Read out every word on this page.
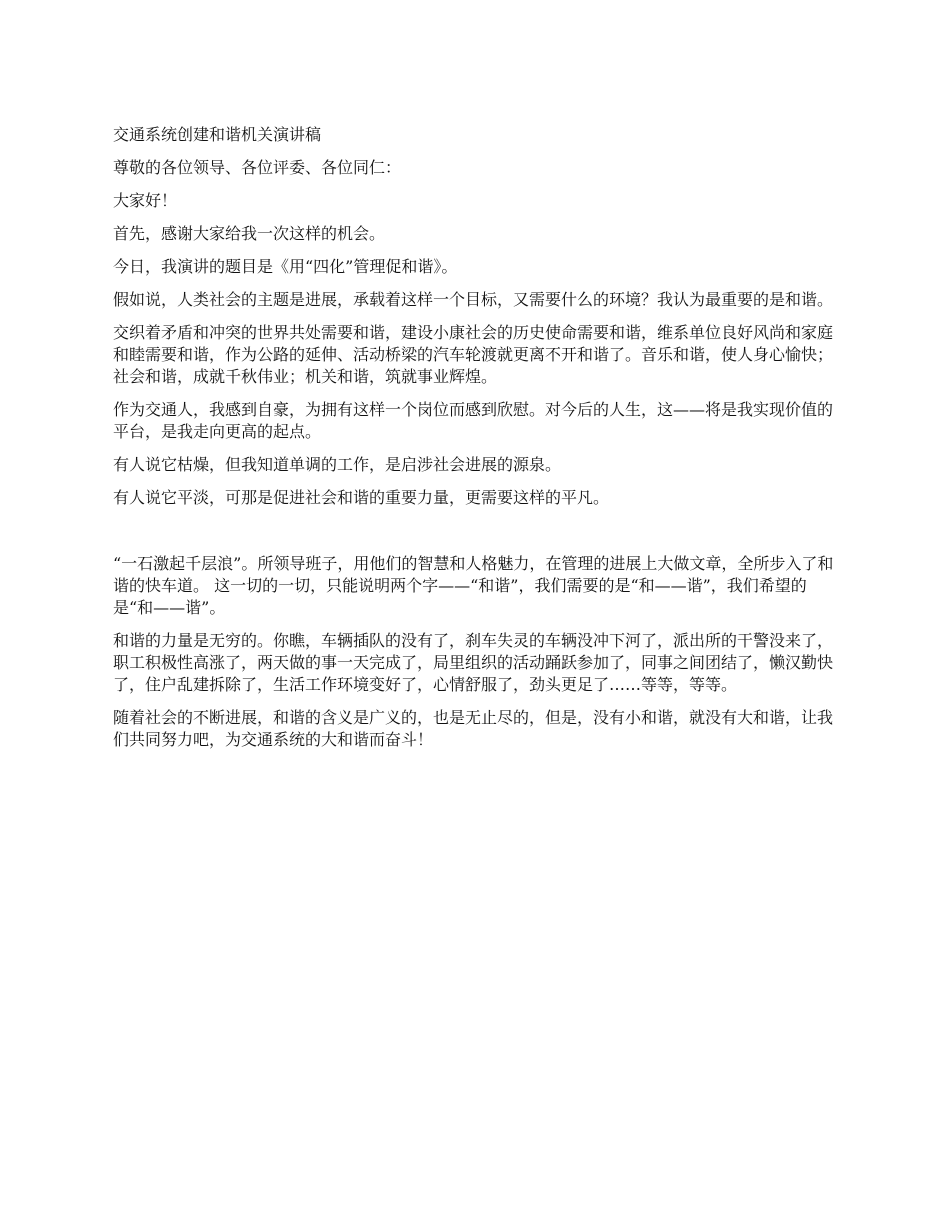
交通系统创建和谐机关演讲稿

尊敬的各位领导、各位评委、各位同仁：

大家好！

首先，感谢大家给我一次这样的机会。

今日，我演讲的题目是《用“四化”管理促和谐》。

假如说，人类社会的主题是进展，承载着这样一个目标，又需要什么的环境？我认为最重要的是和谐。

交织着矛盾和冲突的世界共处需要和谐，建设小康社会的历史使命需要和谐，维系单位良好风尚和家庭和睦需要和谐，作为公路的延伸、活动桥梁的汽车轮渡就更离不开和谐了。音乐和谐，使人身心愉快；社会和谐，成就千秋伟业；机关和谐，筑就事业辉煌。

作为交通人，我感到自豪，为拥有这样一个岗位而感到欣慰。对今后的人生，这——将是我实现价值的平台，是我走向更高的起点。

有人说它枯燥，但我知道单调的工作，是启涉社会进展的源泉。

有人说它平淡，可那是促进社会和谐的重要力量，更需要这样的平凡。

“一石激起千层浪”。所领导班子，用他们的智慧和人格魅力，在管理的进展上大做文章，全所步入了和谐的快车道。 这一切的一切，只能说明两个字——“和谐”，我们需要的是“和——谐”，我们希望的是“和——谐”。

和谐的力量是无穷的。你瞧，车辆插队的没有了，刹车失灵的车辆没冲下河了，派出所的干警没来了，职工积极性高涨了，两天做的事一天完成了，局里组织的活动踊跃参加了，同事之间团结了，懒汉勤快了，住户乱建拆除了，生活工作环境变好了，心情舒服了，劲头更足了……等等，等等。

随着社会的不断进展，和谐的含义是广义的，也是无止尽的，但是，没有小和谐，就没有大和谐，让我们共同努力吧，为交通系统的大和谐而奋斗！
